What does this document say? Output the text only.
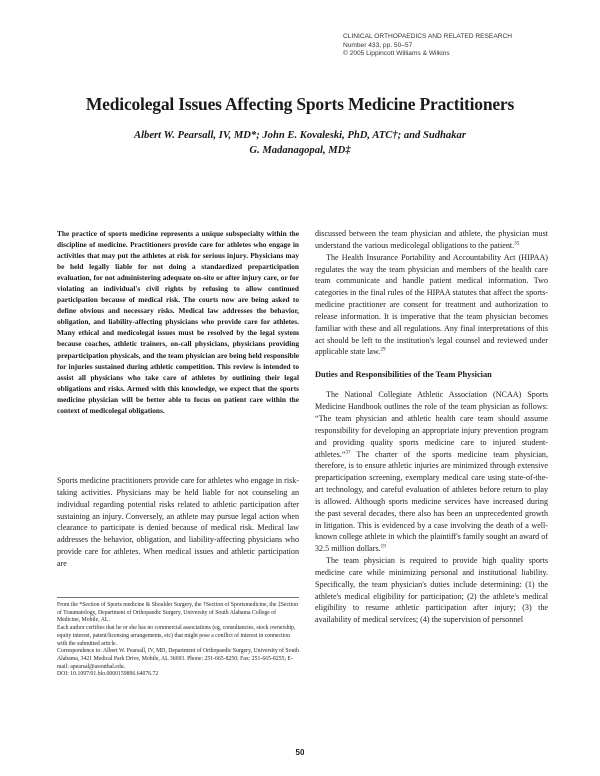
CLINICAL ORTHOPAEDICS AND RELATED RESEARCH
Number 433, pp. 50–57
© 2005 Lippincott Williams & Wilkins
Medicolegal Issues Affecting Sports Medicine Practitioners
Albert W. Pearsall, IV, MD*; John E. Kovaleski, PhD, ATC†; and Sudhakar
G. Madanagopal, MD‡
The practice of sports medicine represents a unique subspecialty within the discipline of medicine. Practitioners provide care for athletes who engage in activities that may put the athletes at risk for serious injury. Physicians may be held legally liable for not doing a standardized preparticipation evaluation, for not administering adequate on-site or after injury care, or for violating an individual's civil rights by refusing to allow continued participation because of medical risk. The courts now are being asked to define obvious and necessary risks. Medical law addresses the behavior, obligation, and liability-affecting physicians who provide care for athletes. Many ethical and medicolegal issues must be resolved by the legal system because coaches, athletic trainers, on-call physicians, physicians providing preparticipation physicals, and the team physician are being held responsible for injuries sustained during athletic competition. This review is intended to assist all physicians who take care of athletes by outlining their legal obligations and risks. Armed with this knowledge, we expect that the sports medicine physician will be better able to focus on patient care within the context of medicolegal obligations.
Sports medicine practitioners provide care for athletes who engage in risk-taking activities. Physicians may be held liable for not counseling an individual regarding potential risks related to athletic participation after sustaining an injury. Conversely, an athlete may pursue legal action when clearance to participate is denied because of medical risk. Medical law addresses the behavior, obligation, and liability-affecting physicians who provide care for athletes. When medical issues and athletic participation are

From the *Section of Sports medicine & Shoulder Surgery, the †Section of Sportsmedicine, the ‡Section of Traumatology, Department of Orthopaedic Surgery, University of South Alabama College of Medicine, Mobile, AL.

Each author certifies that he or she has no commercial associations (eg, consultancies, stock ownership, equity interest, patent/licensing arrangements, etc) that might pose a conflict of interest in connection with the submitted article.

Correspondence to: Albert W. Pearsall, IV, MD, Department of Orthopaedic Surgery, University of South Alabama, 3421 Medical Park Drive, Mobile, AL 36693. Phone: 251-665-8250; Fax: 251-665-8255; E-mail: apearsal@usouthal.edu.

DOI: 10.1097/01.blo.0000159896.64076.72

discussed between the team physician and athlete, the physician must understand the various medicolegal obligations to the patient.$^{35}$

The Health Insurance Portability and Accountability Act (HIPAA) regulates the way the team physician and members of the health care team communicate and handle patient medical information. Two categories in the final rules of the HIPAA statutes that affect the sports-medicine practitioner are consent for treatment and authorization to release information. It is imperative that the team physician becomes familiar with these and all regulations. Any final interpretations of this act should be left to the institution's legal counsel and reviewed under applicable state law.$^{29}$

Duties and Responsibilities of the Team Physician

The National Collegiate Athletic Association (NCAA) Sports Medicine Handbook outlines the role of the team physician as follows: “The team physician and athletic health care team should assume responsibility for developing an appropriate injury prevention program and providing quality sports medicine care to injured student-athletes.”$^{37}$ The charter of the sports medicine team physician, therefore, is to ensure athletic injuries are minimized through extensive preparticipation screening, exemplary medical care using state-of-the-art technology, and careful evaluation of athletes before return to play is allowed. Although sports medicine services have increased during the past several decades, there also has been an unprecedented growth in litigation. This is evidenced by a case involving the death of a well-known college athlete in which the plaintiff's family sought an award of 32.5 million dollars.$^{19}$

The team physician is required to provide high quality sports medicine care while minimizing personal and institutional liability. Specifically, the team physician's duties include determining: (1) the athlete's medical eligibility for participation; (2) the athlete's medical eligibility to resume athletic participation after injury; (3) the availability of medical services; (4) the supervision of personnel

50
